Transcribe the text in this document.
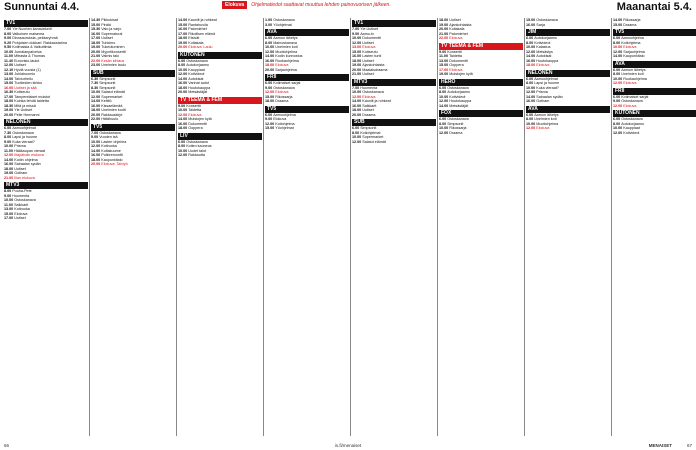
Sunnuntai 4.4.	Elokuva	Ohjelmatiedot saattavat muuttua lehden painovuorisen jälkeen.	Maanantai 5.4.
TV1
7.00 Yle Nuorten kanavatunti
8.00 Valkoinen maisema
9.00 Dinosauruksia, pekkaryhmä
9.20 Pohjoisen dokkari: Rakkaustarina
9.50 Kotimaisia & Vaikuttimia
10.00 Jumalanpalvelus
11.00 Mitrasta & Thomas
11.40 Eurovisio-laulut
12.00 Uutiset
12.10 Hyviä vuosia (1)
13.00 Juhlahuomio
14.00 Talviurheilu
15.00 Tuotteiden kirkko
16.00 Uutiset ja sää
16.30 Kotiseutu
17.00 Tamperelaiset muistot
18.00 Kuinka tehdä taidetta
18.30 Mitä ja missä
19.00 Yle Uutiset
20.00 Pelle Hermanni
NELONEN
6.00 Aamuohjelmat
7.30 Ostoskanava
8.00 Lapsi ja huume
9.00 Kuka vieraat?
10.00 Prisma
11.00 Hääkaupan vieraat
12.00 Iltapäivän elokuva
14.00 Kodin ohjelma
16.00 Sairaalan sydän
18.00 Uutiset
19.00 Gotham
21.00 Illan elokuva
MTV3
8.00 Puuha-Pete
9.00 Huomenta
10.00 Ostoskanava
11.00 Salkkarit
13.00 Kotiruoka
15.00 Elokuva
17.00 Uutiset
14.30 Pikkukisat
15.00 Pinkki
15.30 Valo ja varjo
16.00 Supernatural
17.00 Uutiset
18.00 Tuhkimo
19.00 Tukeutuminen
20.00 Myyntikonsertti
21.00 Valmis talo
22.00 Kesän kihlaus
23.00 Unelmien laulu
SUB
6.30 Simpsonit
7.30 Simpsonit
8.30 Simpsonit
10.00 Salatut elämät
12.00 Supermarket
14.00 Keittiö
16.00 Kissaelämää
18.00 Unelmien kodit
20.00 Rakkauskirje
22.00 Hätähuuto
TV5
7.00 Ostoskanava
9.00 Vuoden isä
10.00 Lasten ohjelma
12.00 Kotiruoka
14.00 Kultakuume
16.00 Putkiremontti
18.00 Kaupunkitalo
20.00 Elokuva: Talviyö
14.00 Kauniit ja rohkeat
15.00 Rantahuvila
16.00 Palomiehet
17.00 Rikollisen elämä
18.00 Etsivät
19.00 Kultakala
20.00 Elokuva: Laulu
KUTONEN
6.00 Ostoskanava
8.00 Autokorjaamo
10.00 Kauppiaat
12.00 Kotivideot
14.00 Autokisat
16.00 Vanhat autot
18.00 Huutokauppa
20.00 Metsästäjät
TV TEEMA & FEM
9.00 Konsertti
10.00 Taidetta
12.00 Elokuva
14.00 Muistojen kylä
16.00 Dokumentti
18.00 Ooppera
LIV
6.00 Ostoskanava
8.00 Kotien kauneus
10.00 Uudet talot
12.00 Rakkautta
1.00 Ostoskanava
3.00 Yöohjelmat
AVA
6.00 Aamun lähetys
8.00 Mainoskanava
10.00 Unelmien koti
12.00 Muotiohjelma
14.00 Kodin kunnostus
16.00 Ruokaohjelma
18.00 Elokuva
20.00 Sarjaohjelma
FRII
6.00 Kotimaiset sarjat
9.00 Ostoskanava
12.00 Elokuva
15.00 Rikossarja
18.00 Draama
TV5
6.00 Aamuohjelma
9.00 Elokuva
12.00 Kotiohjelma
15.00 Yöohjelmat
TV1
7.00 Yle Uutiset
9.00 Aamu-tv
10.00 Dokumentti
12.00 Uutiset
13.00 Elokuva
15.00 Kotiseutu
16.00 Lasten tunti
18.00 Uutiset
19.00 Ajankohtaista
20.00 Maalaisdraama
21.00 Uutiset
MTV3
7.00 Huomenta
10.00 Ostoskanava
12.00 Elokuva
14.00 Kauniit ja rohkeat
16.00 Salkkarit
18.00 Uutiset
20.00 Draama
SUB
6.00 Simpsonit
8.00 Kotiohjelmat
10.00 Supermarket
12.00 Salatut elämät
18.00 Uutiset
19.00 Ajankohtaista
20.00 Kultakala
21.00 Palomiehet
22.00 Elokuva
TV TEEMA & FEM
9.00 Konsertti
11.00 Taidetta
13.00 Dokumentti
15.00 Ooppera
17.00 Elokuva
19.00 Muistojen kylä
HERO
6.00 Ostoskanava
8.00 Autokorjaamo
10.00 Kotivideot
12.00 Huutokauppa
14.00 Metsästäjät
FOX
6.00 Ostoskanava
8.00 Simpsonit
10.00 Rikossarja
12.00 Draama
15.00 Ostoskanava
16.00 Sarja
JIM
6.00 Autokorjaamo
8.00 Kotivideot
10.00 Kalastus
12.00 Metsästys
14.00 Autokisat
16.00 Huutokauppa
18.00 Elokuva
NELONEN
6.00 Aamuohjelmat
8.00 Lapsi ja huume
10.00 Kuka vieraat?
12.00 Prisma
14.00 Sairaalan sydän
16.00 Gotham
AVA
6.00 Aamun lähetys
8.00 Unelmien koti
10.00 Muotiohjelma
12.00 Elokuva
14.00 Rikossarja
15.00 Draama
TV5
6.00 Aamuohjelma
8.00 Kotiohjelma
10.00 Elokuva
12.00 Sarjaohjelma
14.00 Kaupunkitalo
AVA
6.00 Aamun lähetys
8.00 Unelmien koti
10.00 Ruokaohjelma
12.00 Elokuva
FRII
6.00 Kotimaiset sarjat
9.00 Ostoskanava
12.00 Elokuva
KUTONEN
6.00 Ostoskanava
8.00 Autokorjaamo
10.00 Kauppiaat
12.00 Kotivideot
66	is.fi/menaiset	MENAISET	67
